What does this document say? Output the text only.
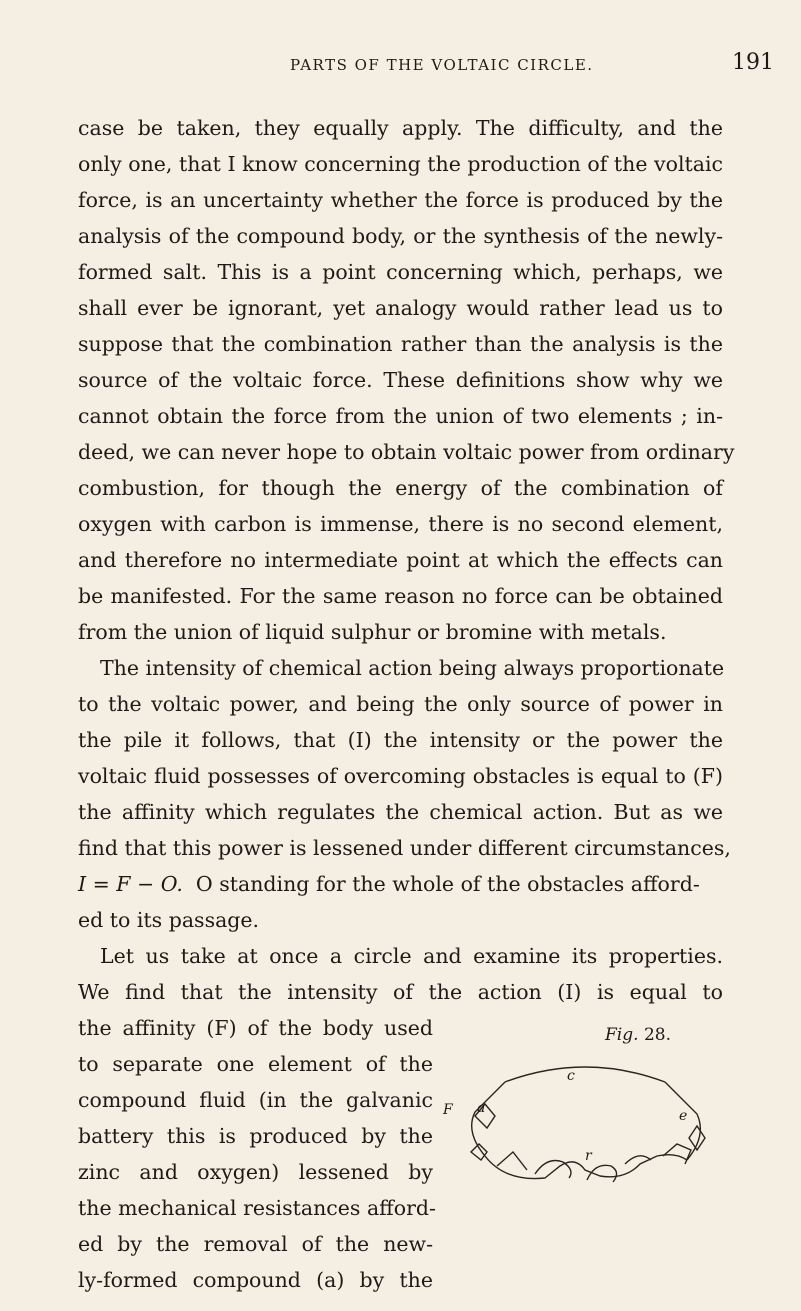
PARTS OF THE VOLTAIC CIRCLE.	191
case be taken, they equally apply. The difficulty, and the
only one, that I know concerning the production of the voltaic
force, is an uncertainty whether the force is produced by the
analysis of the compound body, or the synthesis of the newly-
formed salt. This is a point concerning which, perhaps, we
shall ever be ignorant, yet analogy would rather lead us to
suppose that the combination rather than the analysis is the
source of the voltaic force. These definitions show why we
cannot obtain the force from the union of two elements ; in-
deed, we can never hope to obtain voltaic power from ordinary
combustion, for though the energy of the combination of
oxygen with carbon is immense, there is no second element,
and therefore no intermediate point at which the effects can
be manifested. For the same reason no force can be obtained
from the union of liquid sulphur or bromine with metals.
The intensity of chemical action being always proportionate
to the voltaic power, and being the only source of power in
the pile it follows, that (I) the intensity or the power the
voltaic fluid possesses of overcoming obstacles is equal to (F)
the affinity which regulates the chemical action. But as we
find that this power is lessened under different circumstances,
I = F − O. O standing for the whole of the obstacles afford-
ed to its passage.
Let us take at once a circle and examine its properties.
We find that the intensity of the action (I) is equal to
the affinity (F) of the body used
to separate one element of the
compound fluid (in the galvanic
battery this is produced by the
zinc and oxygen) lessened by
the mechanical resistances afford-
ed by the removal of the new-
ly-formed compound (a) by the
Fig. 28.
c
F a	e
r
